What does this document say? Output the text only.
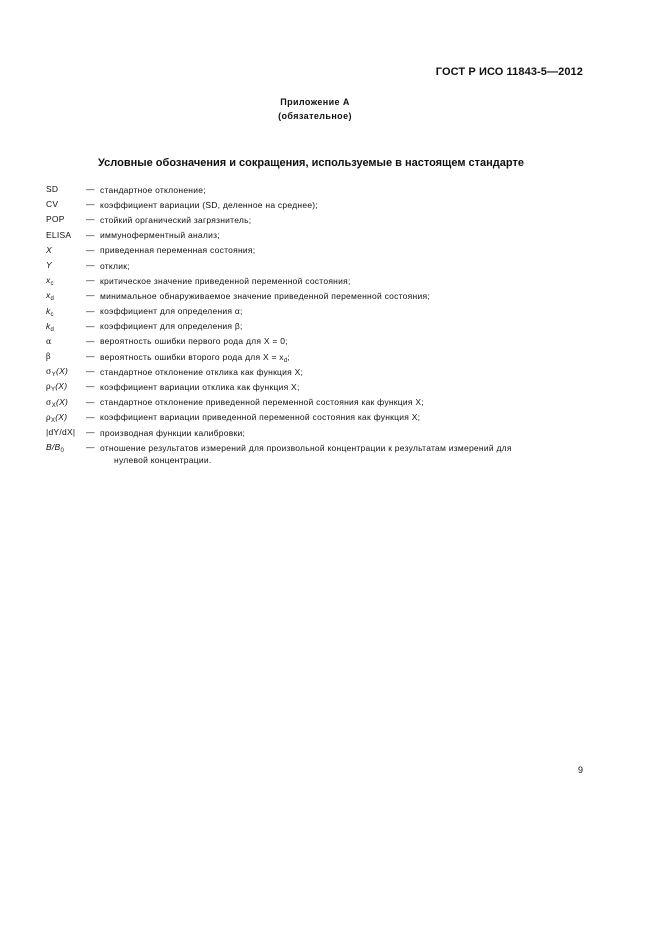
ГОСТ Р ИСО 11843-5—2012
Приложение А
(обязательное)
Условные обозначения и сокращения, используемые в настоящем стандарте
SD	— стандартное отклонение;
CV	— коэффициент вариации (SD, деленное на среднее);
POP	— стойкий органический загрязнитель;
ELISA	— иммуноферментный анализ;
X	— приведенная переменная состояния;
Y	— отклик;
$x_c$	— критическое значение приведенной переменной состояния;
$x_d$	— минимальное обнаруживаемое значение приведенной переменной состояния;
$k_c$	— коэффициент для определения α;
$k_d$	— коэффициент для определения β;
α	— вероятность ошибки первого рода для X = 0;
β	— вероятность ошибки второго рода для $X = x_d$;
$\sigma_Y(X)$	— стандартное отклонение отклика как функция X;
$\rho_Y(X)$	— коэффициент вариации отклика как функция X;
$\sigma_X(X)$	— стандартное отклонение приведенной переменной состояния как функция X;
$\rho_X(X)$	— коэффициент вариации приведенной переменной состояния как функция X;
|dY/dX|	— производная функции калибровки;
$B/B_0$	— отношение результатов измерений для произвольной концентрации к результатам измерений для
нулевой концентрации.
9
